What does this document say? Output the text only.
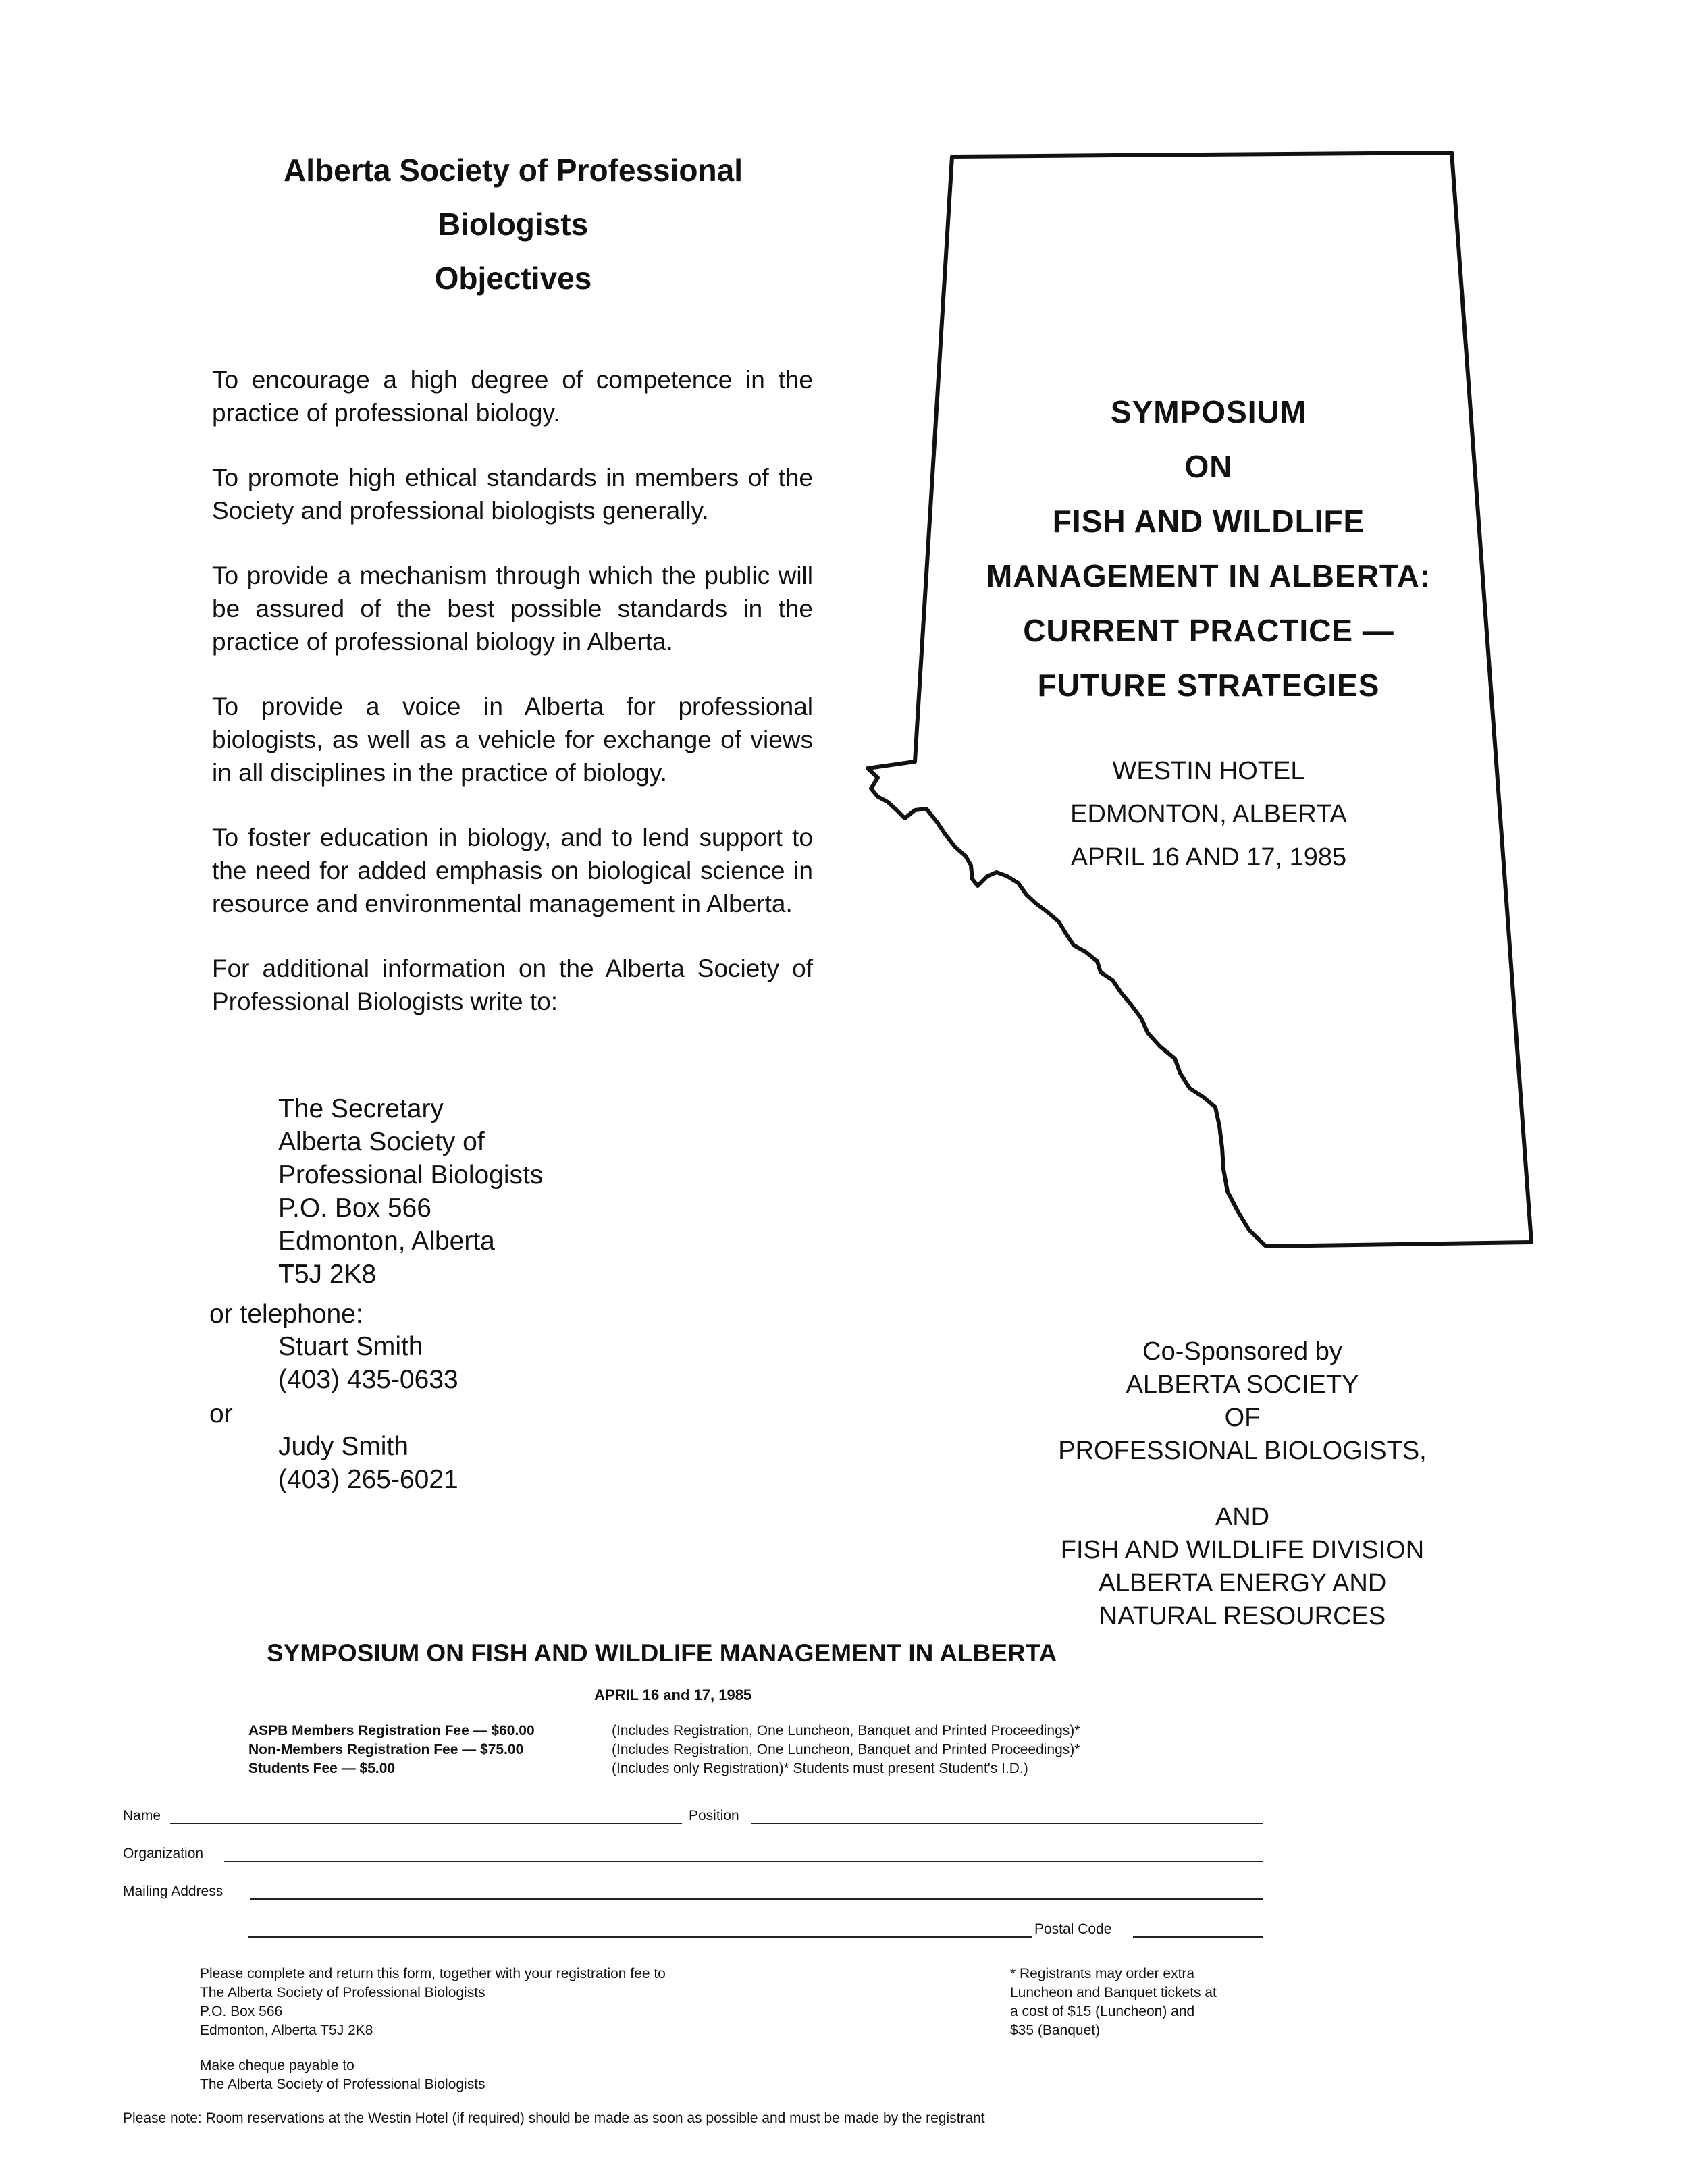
Alberta Society of Professional
Biologists
Objectives

To encourage a high degree of competence in the practice of professional biology.

To promote high ethical standards in members of the Society and professional biologists generally.

To provide a mechanism through which the public will be assured of the best possible standards in the practice of professional biology in Alberta.

To provide a voice in Alberta for professional biologists, as well as a vehicle for exchange of views in all disciplines in the practice of biology.

To foster education in biology, and to lend support to the need for added emphasis on biological science in resource and environmental management in Alberta.

For additional information on the Alberta Society of Professional Biologists write to:

The Secretary
Alberta Society of
Professional Biologists
P.O. Box 566
Edmonton, Alberta
T5J 2K8
or telephone:
Stuart Smith
(403) 435-0633
or
Judy Smith
(403) 265-6021
SYMPOSIUM
ON
FISH AND WILDLIFE
MANAGEMENT IN ALBERTA:
CURRENT PRACTICE —
FUTURE STRATEGIES
WESTIN HOTEL
EDMONTON, ALBERTA
APRIL 16 AND 17, 1985
Co-Sponsored by
ALBERTA SOCIETY
OF
PROFESSIONAL BIOLOGISTS,
AND
FISH AND WILDLIFE DIVISION
ALBERTA ENERGY AND
NATURAL RESOURCES
SYMPOSIUM ON FISH AND WILDLIFE MANAGEMENT IN ALBERTA
APRIL 16 and 17, 1985
ASPB Members Registration Fee — $60.00
Non-Members Registration Fee — $75.00
Students Fee — $5.00
(Includes Registration, One Luncheon, Banquet and Printed Proceedings)*
(Includes Registration, One Luncheon, Banquet and Printed Proceedings)*
(Includes only Registration)* Students must present Student's I.D.)
Name	Position
Organization
Mailing Address
Postal Code
Please complete and return this form, together with your registration fee to
The Alberta Society of Professional Biologists
P.O. Box 566
Edmonton, Alberta T5J 2K8
* Registrants may order extra
Luncheon and Banquet tickets at
a cost of $15 (Luncheon) and
$35 (Banquet)
Make cheque payable to
The Alberta Society of Professional Biologists
Please note: Room reservations at the Westin Hotel (if required) should be made as soon as possible and must be made by the registrant
